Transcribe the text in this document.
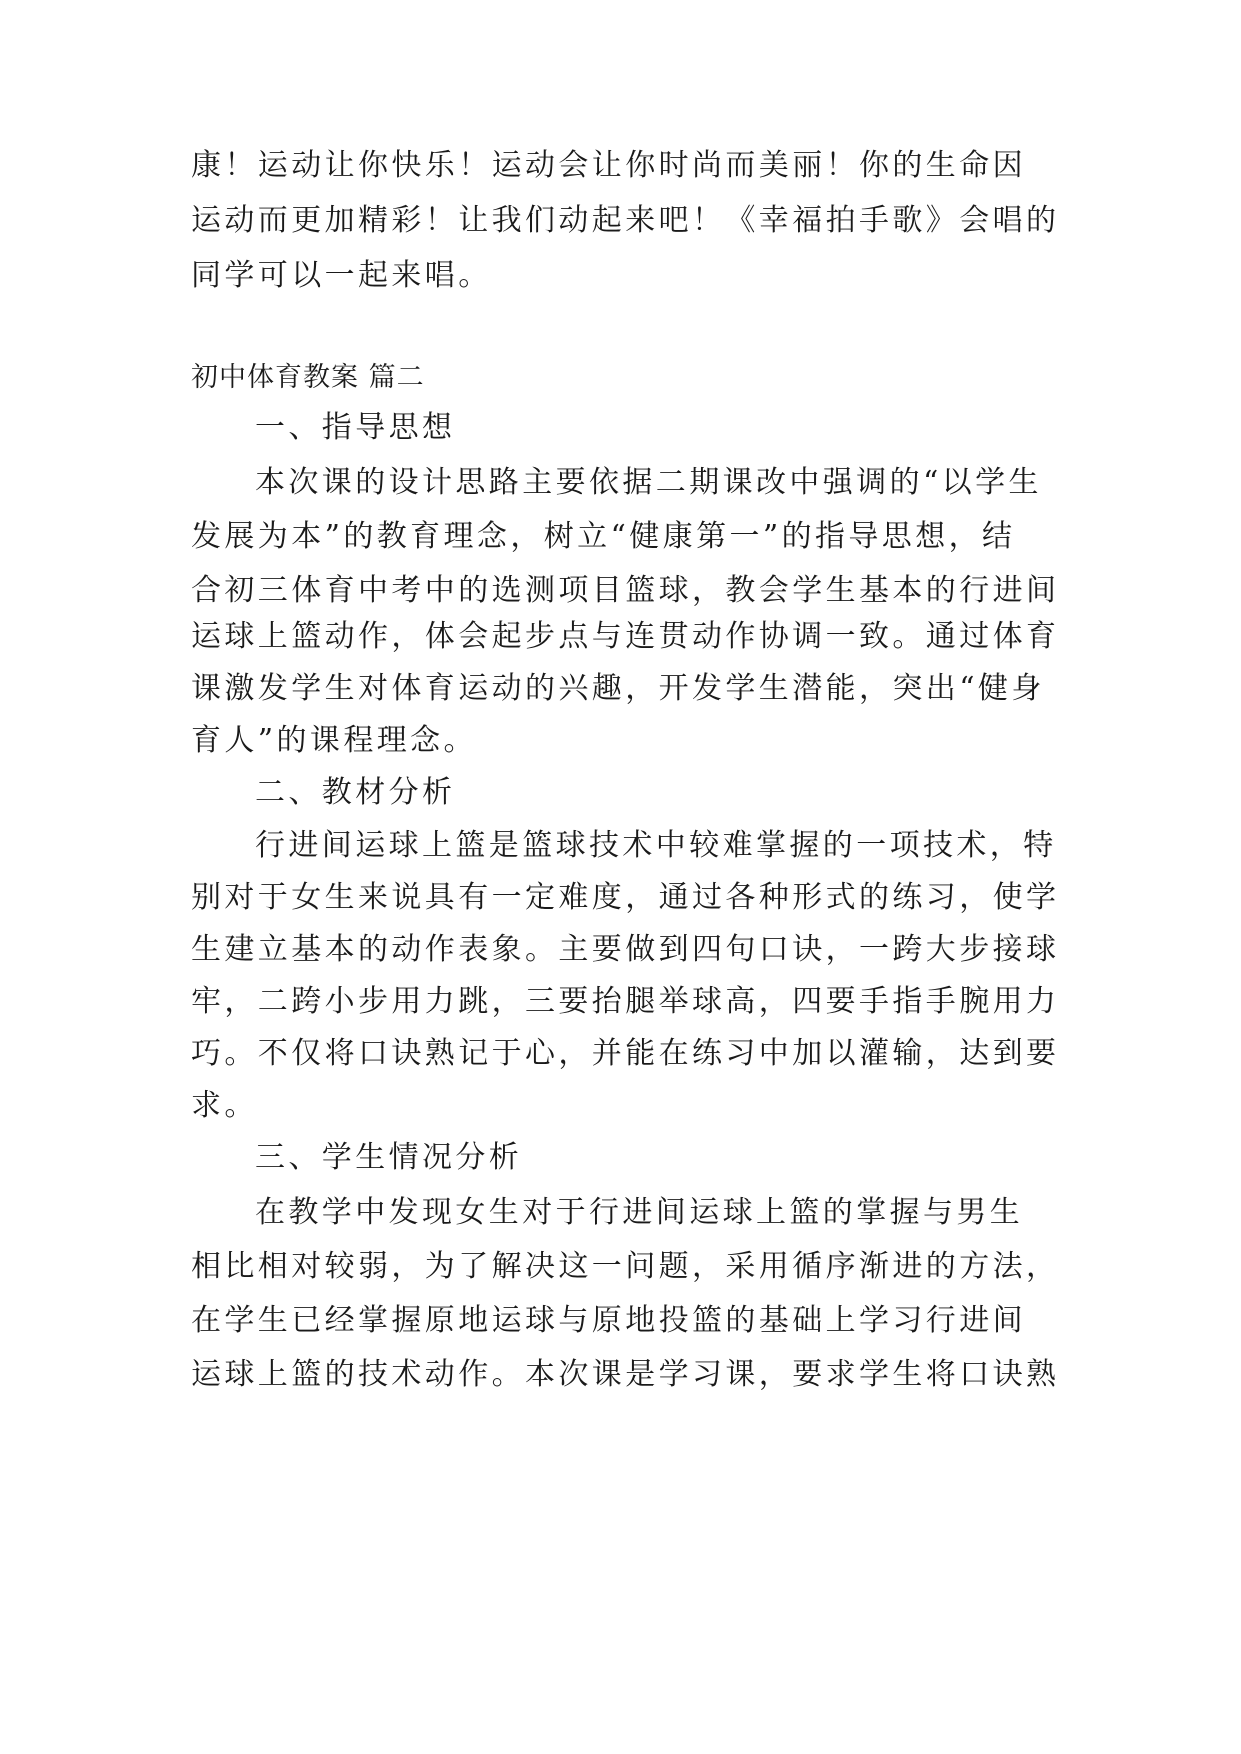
康！运动让你快乐！运动会让你时尚而美丽！你的生命因
运动而更加精彩！让我们动起来吧！《幸福拍手歌》会唱的
同学可以一起来唱。
初中体育教案 篇二
一、指导思想
本次课的设计思路主要依据二期课改中强调的“以学生
发展为本”的教育理念，树立“健康第一”的指导思想，结
合初三体育中考中的选测项目篮球，教会学生基本的行进间
运球上篮动作，体会起步点与连贯动作协调一致。通过体育
课激发学生对体育运动的兴趣，开发学生潜能，突出“健身
育人”的课程理念。
二、教材分析
行进间运球上篮是篮球技术中较难掌握的一项技术，特
别对于女生来说具有一定难度，通过各种形式的练习，使学
生建立基本的动作表象。主要做到四句口诀，一跨大步接球
牢，二跨小步用力跳，三要抬腿举球高，四要手指手腕用力
巧。不仅将口诀熟记于心，并能在练习中加以灌输，达到要
求。
三、学生情况分析
在教学中发现女生对于行进间运球上篮的掌握与男生
相比相对较弱，为了解决这一问题，采用循序渐进的方法，
在学生已经掌握原地运球与原地投篮的基础上学习行进间
运球上篮的技术动作。本次课是学习课，要求学生将口诀熟
